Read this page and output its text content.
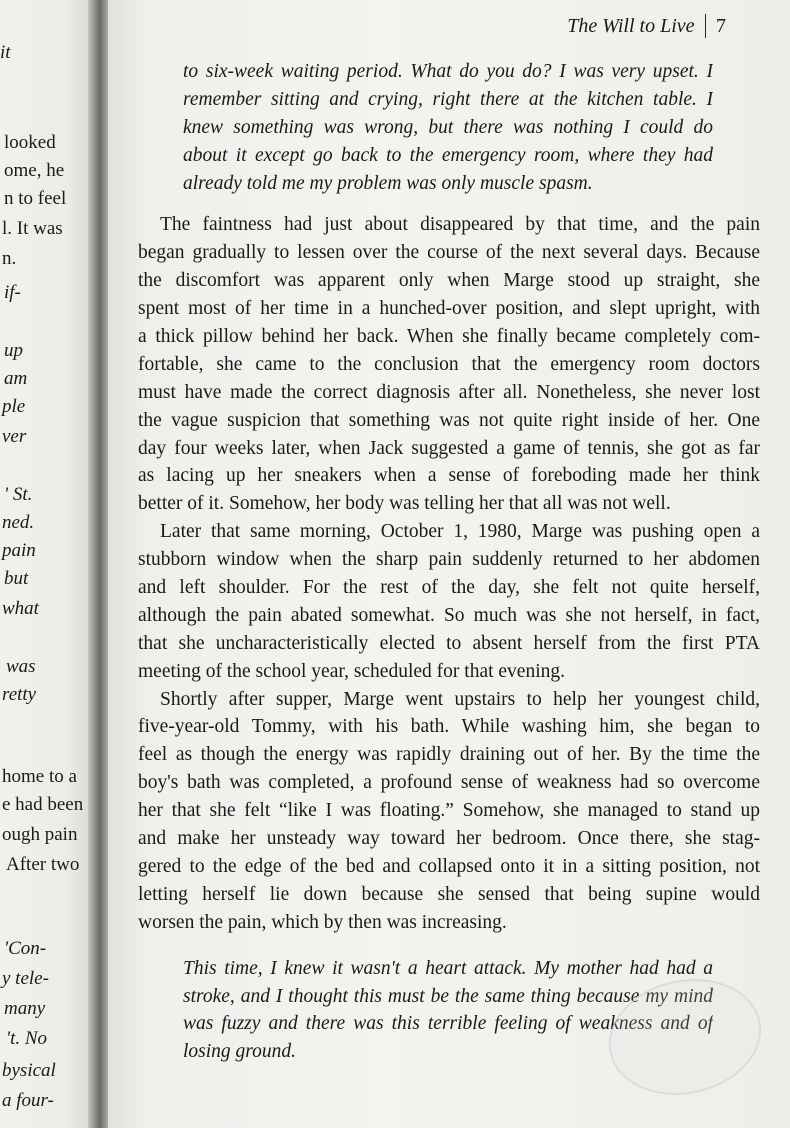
it
looked
ome, he
n to feel
l. It was
n.
if-
up
am
ple
ver
' St.
ned.
pain
but
what
was
retty
home to a
e had been
ough pain
After two
'Con-
y tele-
many
't. No
bysical
a four-
The Will to Live 7
to six-week waiting period. What do you do? I was very upset. I
remember sitting and crying, right there at the kitchen table. I
knew something was wrong, but there was nothing I could do
about it except go back to the emergency room, where they had
already told me my problem was only muscle spasm.
The faintness had just about disappeared by that time, and the pain
began gradually to lessen over the course of the next several days. Because
the discomfort was apparent only when Marge stood up straight, she
spent most of her time in a hunched-over position, and slept upright, with
a thick pillow behind her back. When she finally became completely com-
fortable, she came to the conclusion that the emergency room doctors
must have made the correct diagnosis after all. Nonetheless, she never lost
the vague suspicion that something was not quite right inside of her. One
day four weeks later, when Jack suggested a game of tennis, she got as far
as lacing up her sneakers when a sense of foreboding made her think
better of it. Somehow, her body was telling her that all was not well.
Later that same morning, October 1, 1980, Marge was pushing open a
stubborn window when the sharp pain suddenly returned to her abdomen
and left shoulder. For the rest of the day, she felt not quite herself,
although the pain abated somewhat. So much was she not herself, in fact,
that she uncharacteristically elected to absent herself from the first PTA
meeting of the school year, scheduled for that evening.
Shortly after supper, Marge went upstairs to help her youngest child,
five-year-old Tommy, with his bath. While washing him, she began to
feel as though the energy was rapidly draining out of her. By the time the
boy's bath was completed, a profound sense of weakness had so overcome
her that she felt “like I was floating.” Somehow, she managed to stand up
and make her unsteady way toward her bedroom. Once there, she stag-
gered to the edge of the bed and collapsed onto it in a sitting position, not
letting herself lie down because she sensed that being supine would
worsen the pain, which by then was increasing.
This time, I knew it wasn't a heart attack. My mother had had a
stroke, and I thought this must be the same thing because my mind
was fuzzy and there was this terrible feeling of weakness and of
losing ground.
